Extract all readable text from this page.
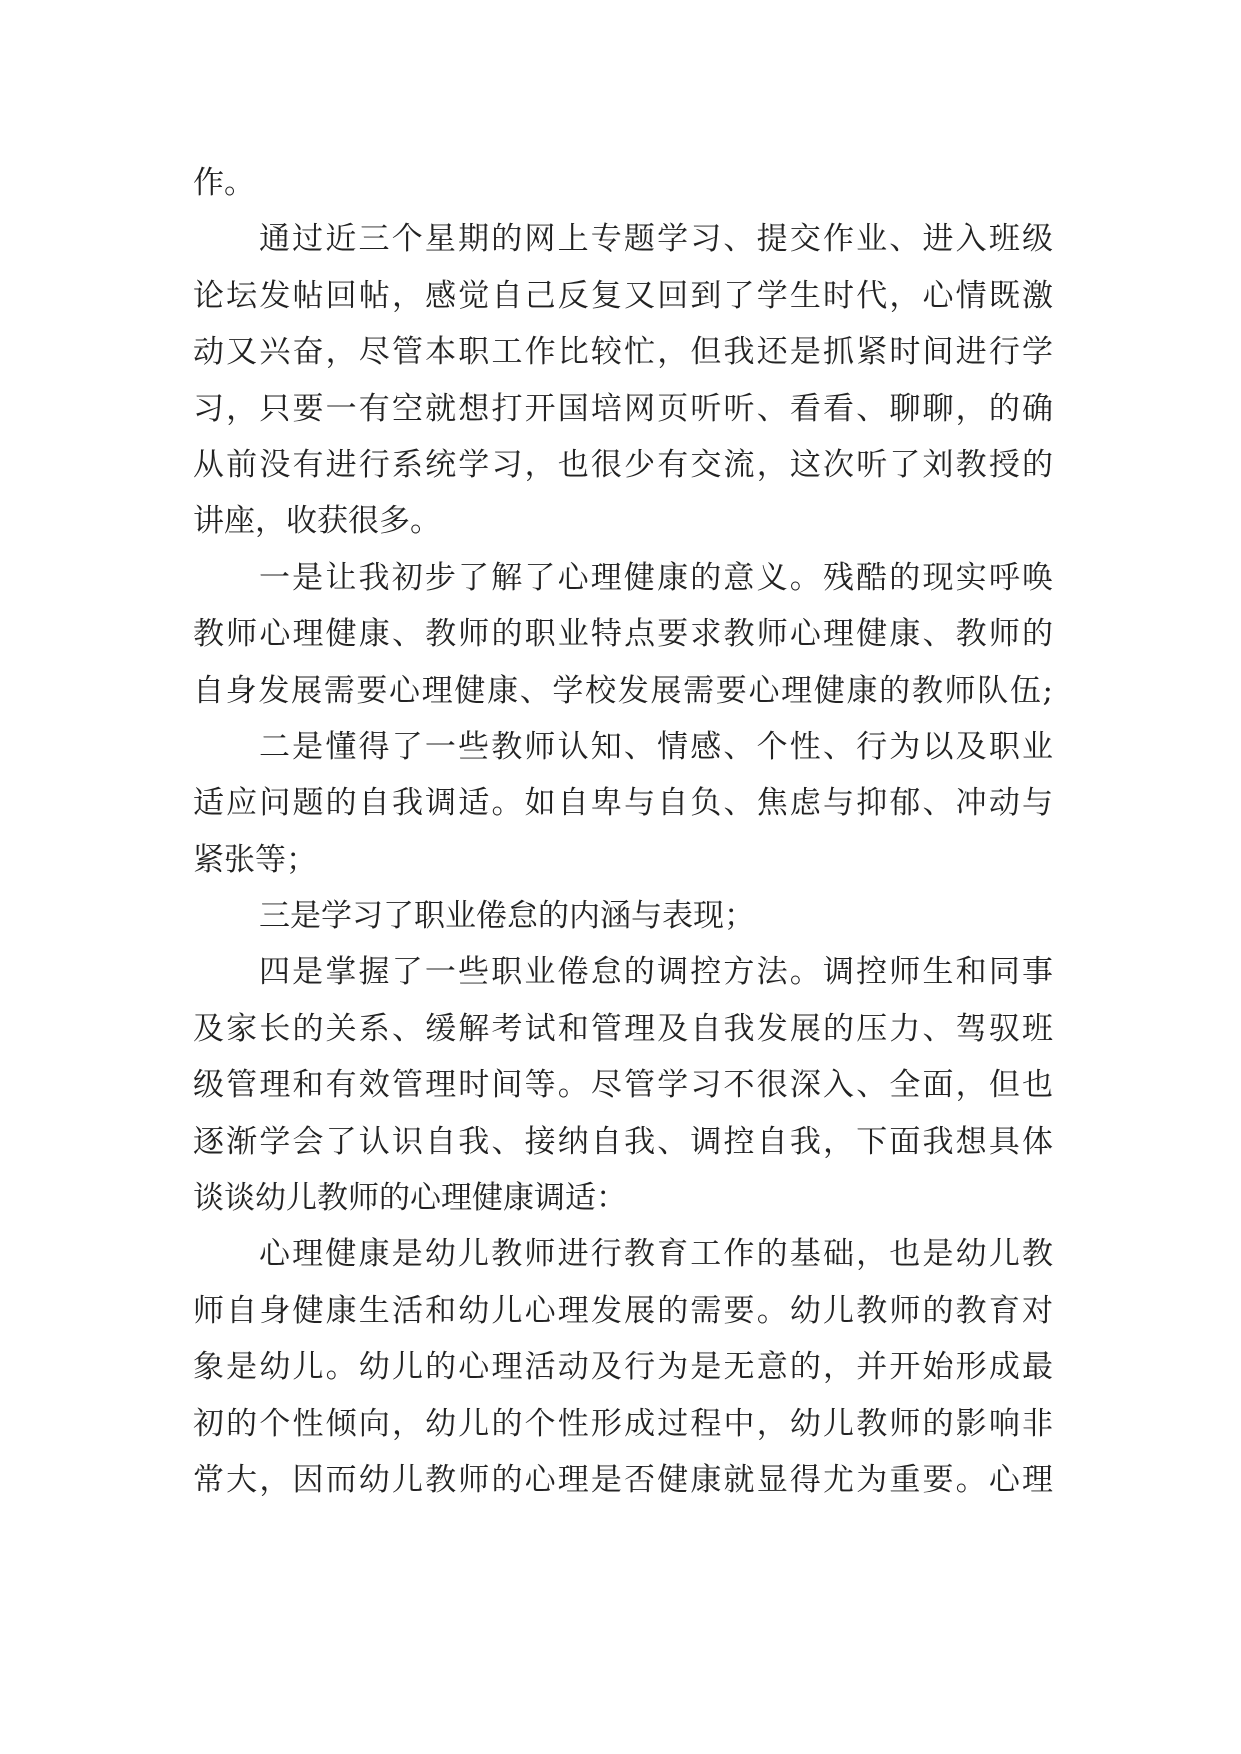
作。
通过近三个星期的网上专题学习、提交作业、进入班级
论坛发帖回帖，感觉自己反复又回到了学生时代，心情既激
动又兴奋，尽管本职工作比较忙，但我还是抓紧时间进行学
习，只要一有空就想打开国培网页听听、看看、聊聊，的确
从前没有进行系统学习，也很少有交流，这次听了刘教授的
讲座，收获很多。
一是让我初步了解了心理健康的意义。残酷的现实呼唤
教师心理健康、教师的职业特点要求教师心理健康、教师的
自身发展需要心理健康、学校发展需要心理健康的教师队伍;
二是懂得了一些教师认知、情感、个性、行为以及职业
适应问题的自我调适。如自卑与自负、焦虑与抑郁、冲动与
紧张等；
三是学习了职业倦怠的内涵与表现；
四是掌握了一些职业倦怠的调控方法。调控师生和同事
及家长的关系、缓解考试和管理及自我发展的压力、驾驭班
级管理和有效管理时间等。尽管学习不很深入、全面，但也
逐渐学会了认识自我、接纳自我、调控自我，下面我想具体
谈谈幼儿教师的心理健康调适：
心理健康是幼儿教师进行教育工作的基础，也是幼儿教
师自身健康生活和幼儿心理发展的需要。幼儿教师的教育对
象是幼儿。幼儿的心理活动及行为是无意的，并开始形成最
初的个性倾向，幼儿的个性形成过程中，幼儿教师的影响非
常大，因而幼儿教师的心理是否健康就显得尤为重要。心理
